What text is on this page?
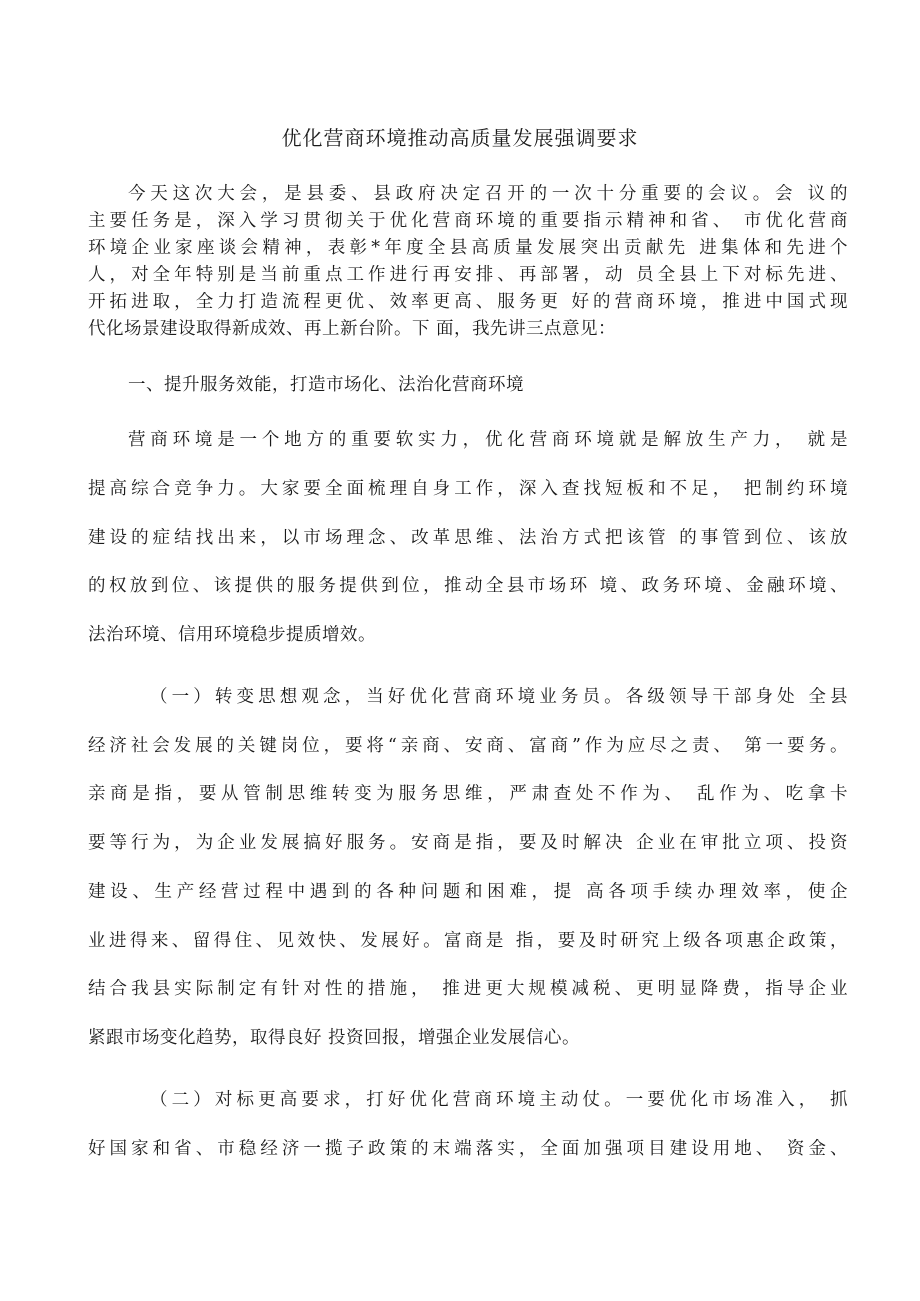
优化营商环境推动高质量发展强调要求
今天这次大会，是县委、县政府决定召开的一次十分重要的会议。会 议的
主要任务是，深入学习贯彻关于优化营商环境的重要指示精神和省、 市优化营商
环境企业家座谈会精神，表彰*年度全县高质量发展突出贡献先 进集体和先进个
人，对全年特别是当前重点工作进行再安排、再部署，动 员全县上下对标先进、
开拓进取，全力打造流程更优、效率更高、服务更 好的营商环境，推进中国式现
代化场景建设取得新成效、再上新台阶。下 面，我先讲三点意见：
一、提升服务效能，打造市场化、法治化营商环境
营商环境是一个地方的重要软实力，优化营商环境就是解放生产力， 就是
提高综合竞争力。大家要全面梳理自身工作，深入查找短板和不足， 把制约环境
建设的症结找出来，以市场理念、改革思维、法治方式把该管 的事管到位、该放
的权放到位、该提供的服务提供到位，推动全县市场环 境、政务环境、金融环境、
法治环境、信用环境稳步提质增效。
（一）转变思想观念，当好优化营商环境业务员。各级领导干部身处 全县
经济社会发展的关键岗位，要将“亲商、安商、富商”作为应尽之责、 第一要务。
亲商是指，要从管制思维转变为服务思维，严肃查处不作为、 乱作为、吃拿卡
要等行为，为企业发展搞好服务。安商是指，要及时解决 企业在审批立项、投资
建设、生产经营过程中遇到的各种问题和困难，提 高各项手续办理效率，使企
业进得来、留得住、见效快、发展好。富商是 指，要及时研究上级各项惠企政策，
结合我县实际制定有针对性的措施， 推进更大规模减税、更明显降费，指导企业
紧跟市场变化趋势，取得良好 投资回报，增强企业发展信心。
（二）对标更高要求，打好优化营商环境主动仗。一要优化市场准入， 抓
好国家和省、市稳经济一揽子政策的末端落实，全面加强项目建设用地、 资金、
